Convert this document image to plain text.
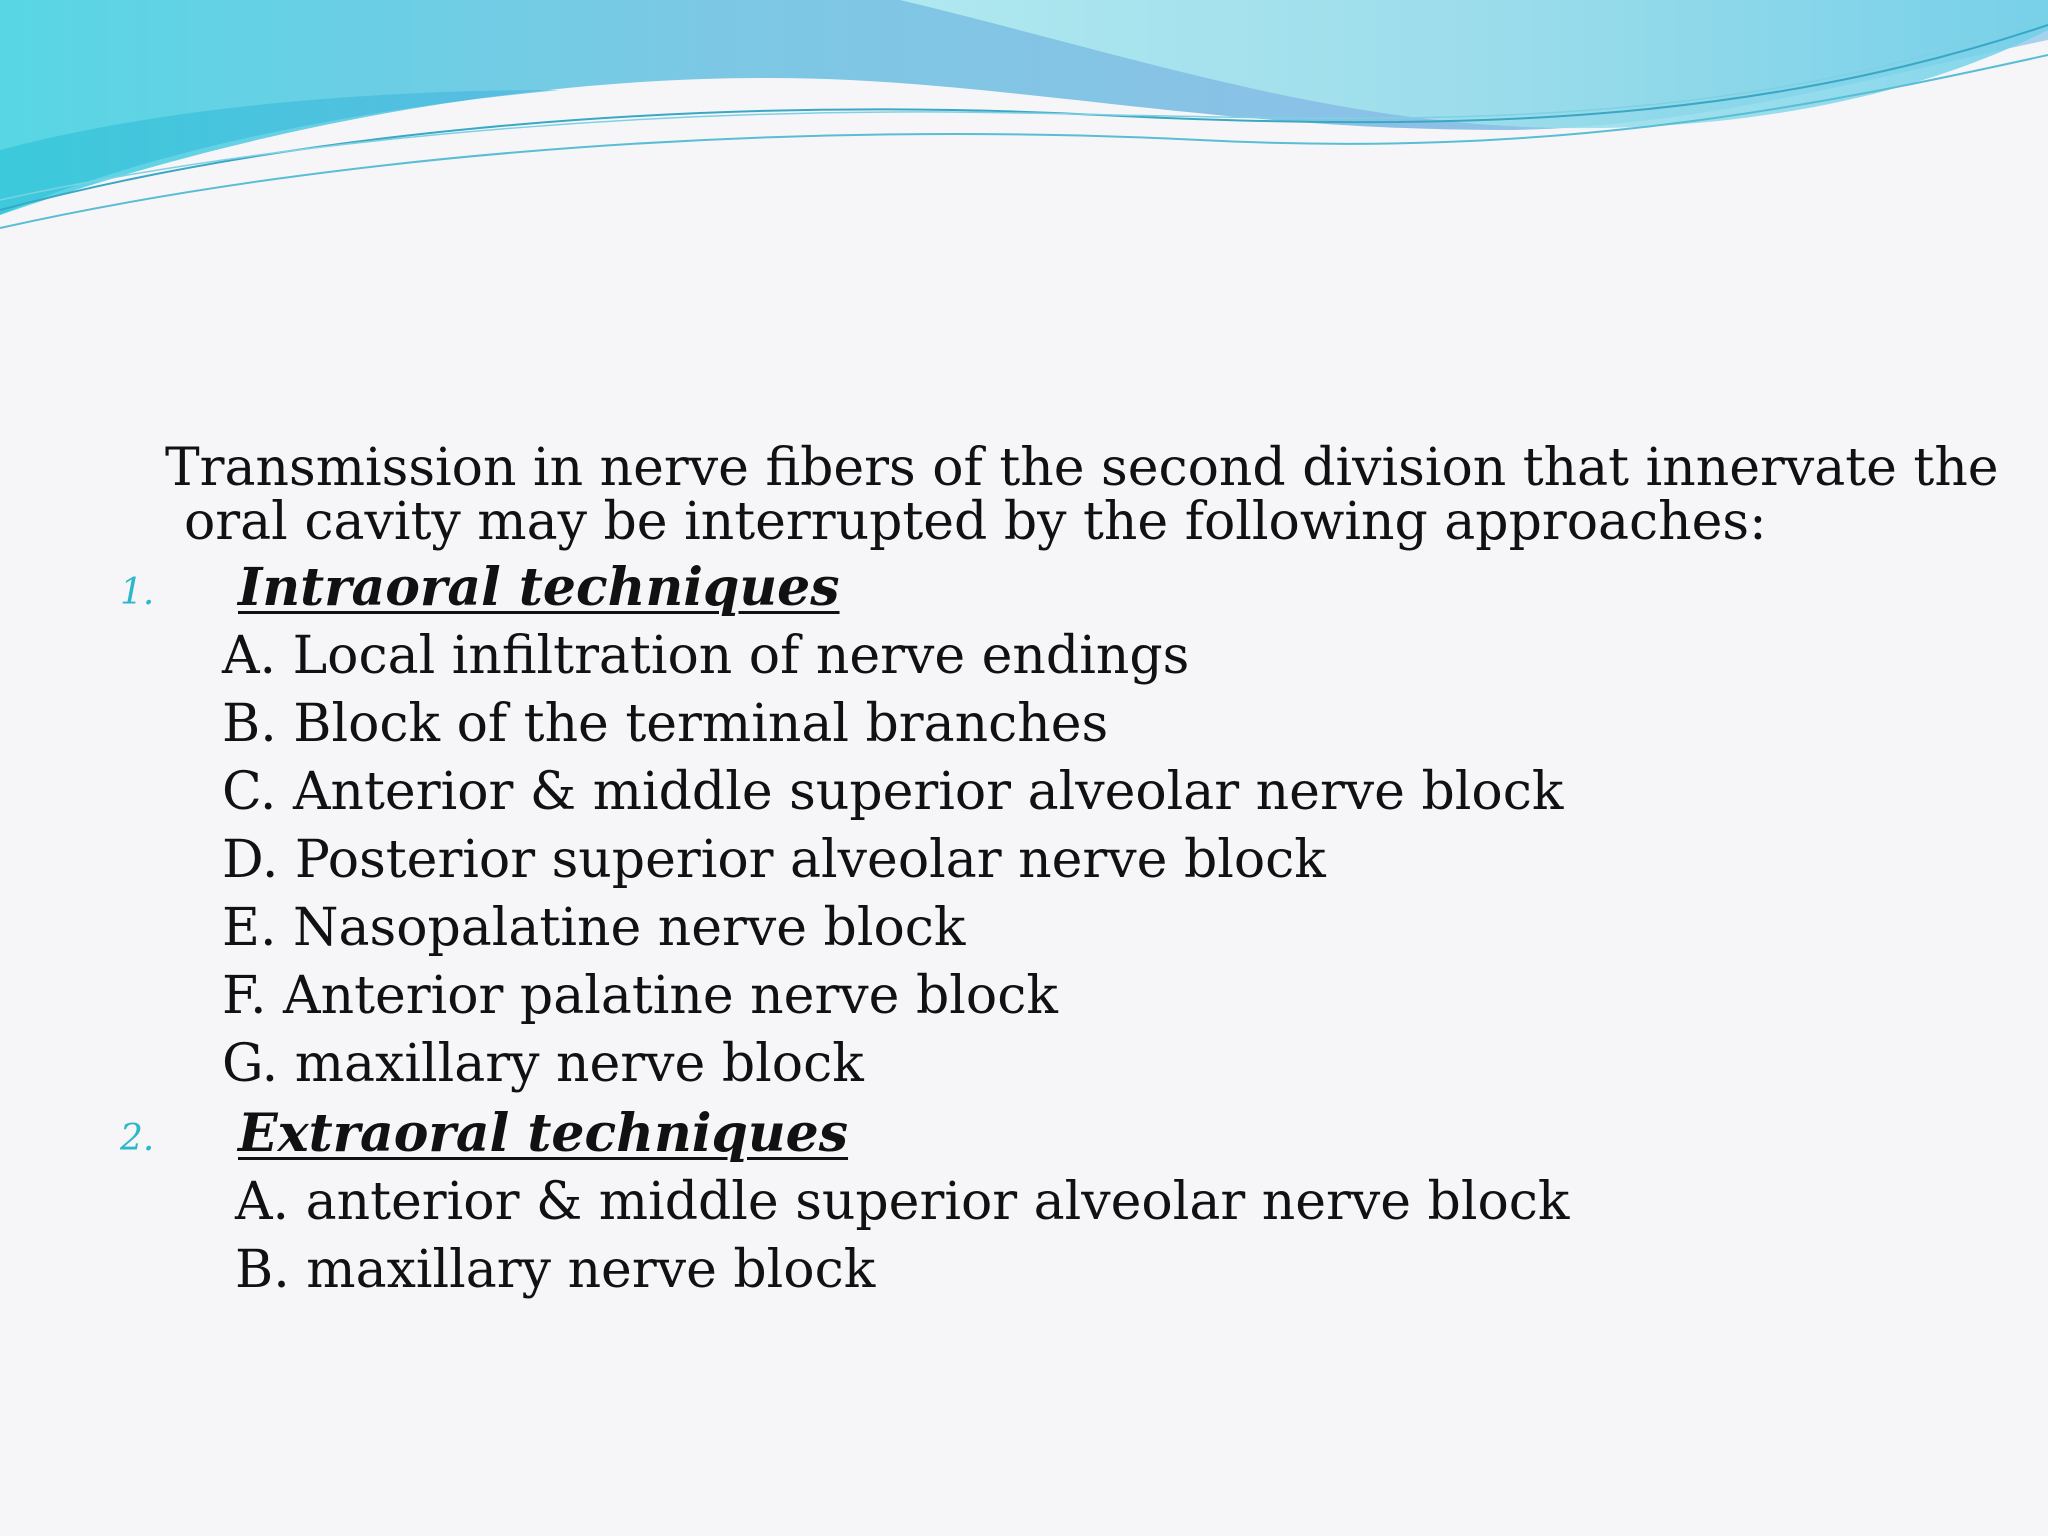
Transmission in nerve fibers of the second division that innervate the
oral cavity may be interrupted by the following approaches:
1. Intraoral techniques
A. Local infiltration of nerve endings
B. Block of the terminal branches
C. Anterior & middle superior alveolar nerve block
D. Posterior superior alveolar nerve block
E. Nasopalatine nerve block
F. Anterior palatine nerve block
G. maxillary nerve block
2. Extraoral techniques
A. anterior & middle superior alveolar nerve block
B. maxillary nerve block
